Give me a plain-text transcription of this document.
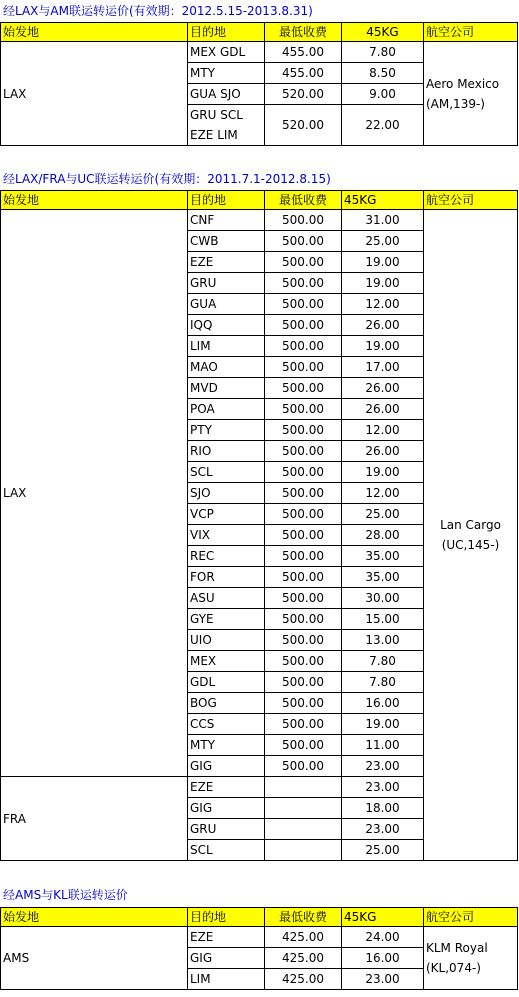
经LAX与AM联运转运价(有效期：2012.5.15-2013.8.31)
始发地	目的地	最低收费	45KG	航空公司
LAX	MEX GDL	455.00	7.80	Aero Mexico
(AM,139-)

	MTY	455.00	8.50	
	GUA SJO	520.00	9.00	

	GRU SCL
EZE LIM	520.00	22.00	
经LAX/FRA与UC联运转运价(有效期：2011.7.1-2012.8.15)
始发地	目的地	最低收费	45KG	航空公司
LAX	CNF	500.00	31.00	Lan Cargo
(UC,145-)

	CWB	500.00	25.00	
	EZE	500.00	19.00	
	GRU	500.00	19.00	
	GUA	500.00	12.00	
	IQQ	500.00	26.00	
	LIM	500.00	19.00	
	MAO	500.00	17.00	
	MVD	500.00	26.00	
	POA	500.00	26.00	
	PTY	500.00	12.00	
	RIO	500.00	26.00	
	SCL	500.00	19.00	
	SJO	500.00	12.00	
	VCP	500.00	25.00	
	VIX	500.00	28.00	
	REC	500.00	35.00	
	FOR	500.00	35.00	
	ASU	500.00	30.00	
	GYE	500.00	15.00	
	UIO	500.00	13.00	
	MEX	500.00	7.80	
	GDL	500.00	7.80	
	BOG	500.00	16.00	
	CCS	500.00	19.00	
	MTY	500.00	11.00	
	GIG	500.00	23.00	
FRA	EZE		23.00	
	GIG		18.00	
	GRU		23.00	
	SCL		25.00	
经AMS与KL联运转运价
始发地	目的地	最低收费	45KG	航空公司
AMS	EZE	425.00	24.00	KLM Royal
(KL,074-)

	GIG	425.00	16.00	
	LIM	425.00	23.00	
